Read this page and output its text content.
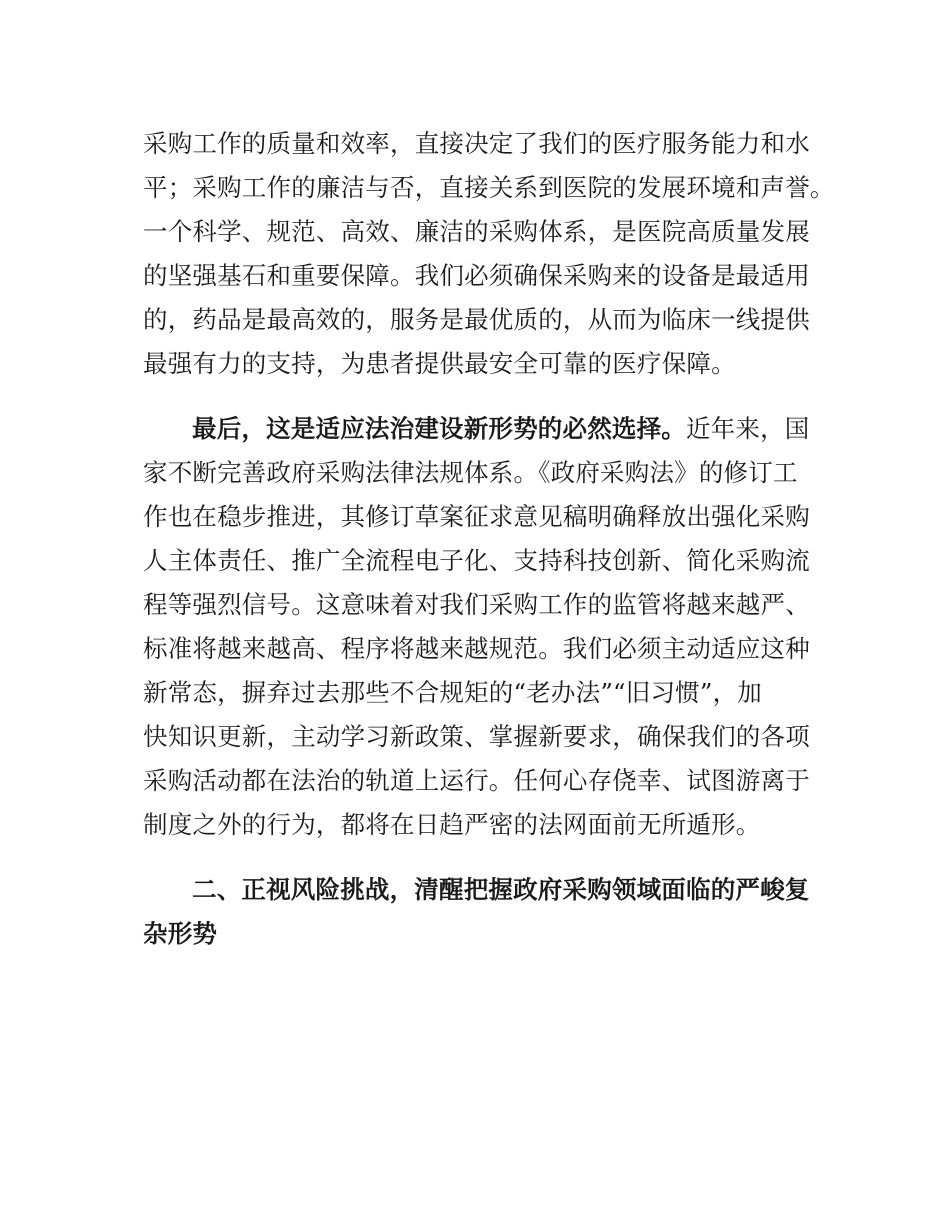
采购工作的质量和效率，直接决定了我们的医疗服务能力和水
平；采购工作的廉洁与否，直接关系到医院的发展环境和声誉。
一个科学、规范、高效、廉洁的采购体系，是医院高质量发展
的坚强基石和重要保障。我们必须确保采购来的设备是最适用
的，药品是最高效的，服务是最优质的，从而为临床一线提供
最强有力的支持，为患者提供最安全可靠的医疗保障。
最后，这是适应法治建设新形势的必然选择。近年来，国
家不断完善政府采购法律法规体系。《政府采购法》的修订工
作也在稳步推进，其修订草案征求意见稿明确释放出强化采购
人主体责任、推广全流程电子化、支持科技创新、简化采购流
程等强烈信号。这意味着对我们采购工作的监管将越来越严、
标准将越来越高、程序将越来越规范。我们必须主动适应这种
新常态，摒弃过去那些不合规矩的“老办法”“旧习惯”，加
快知识更新，主动学习新政策、掌握新要求，确保我们的各项
采购活动都在法治的轨道上运行。任何心存侥幸、试图游离于
制度之外的行为，都将在日趋严密的法网面前无所遁形。
二、正视风险挑战，清醒把握政府采购领域面临的严峻复
杂形势
